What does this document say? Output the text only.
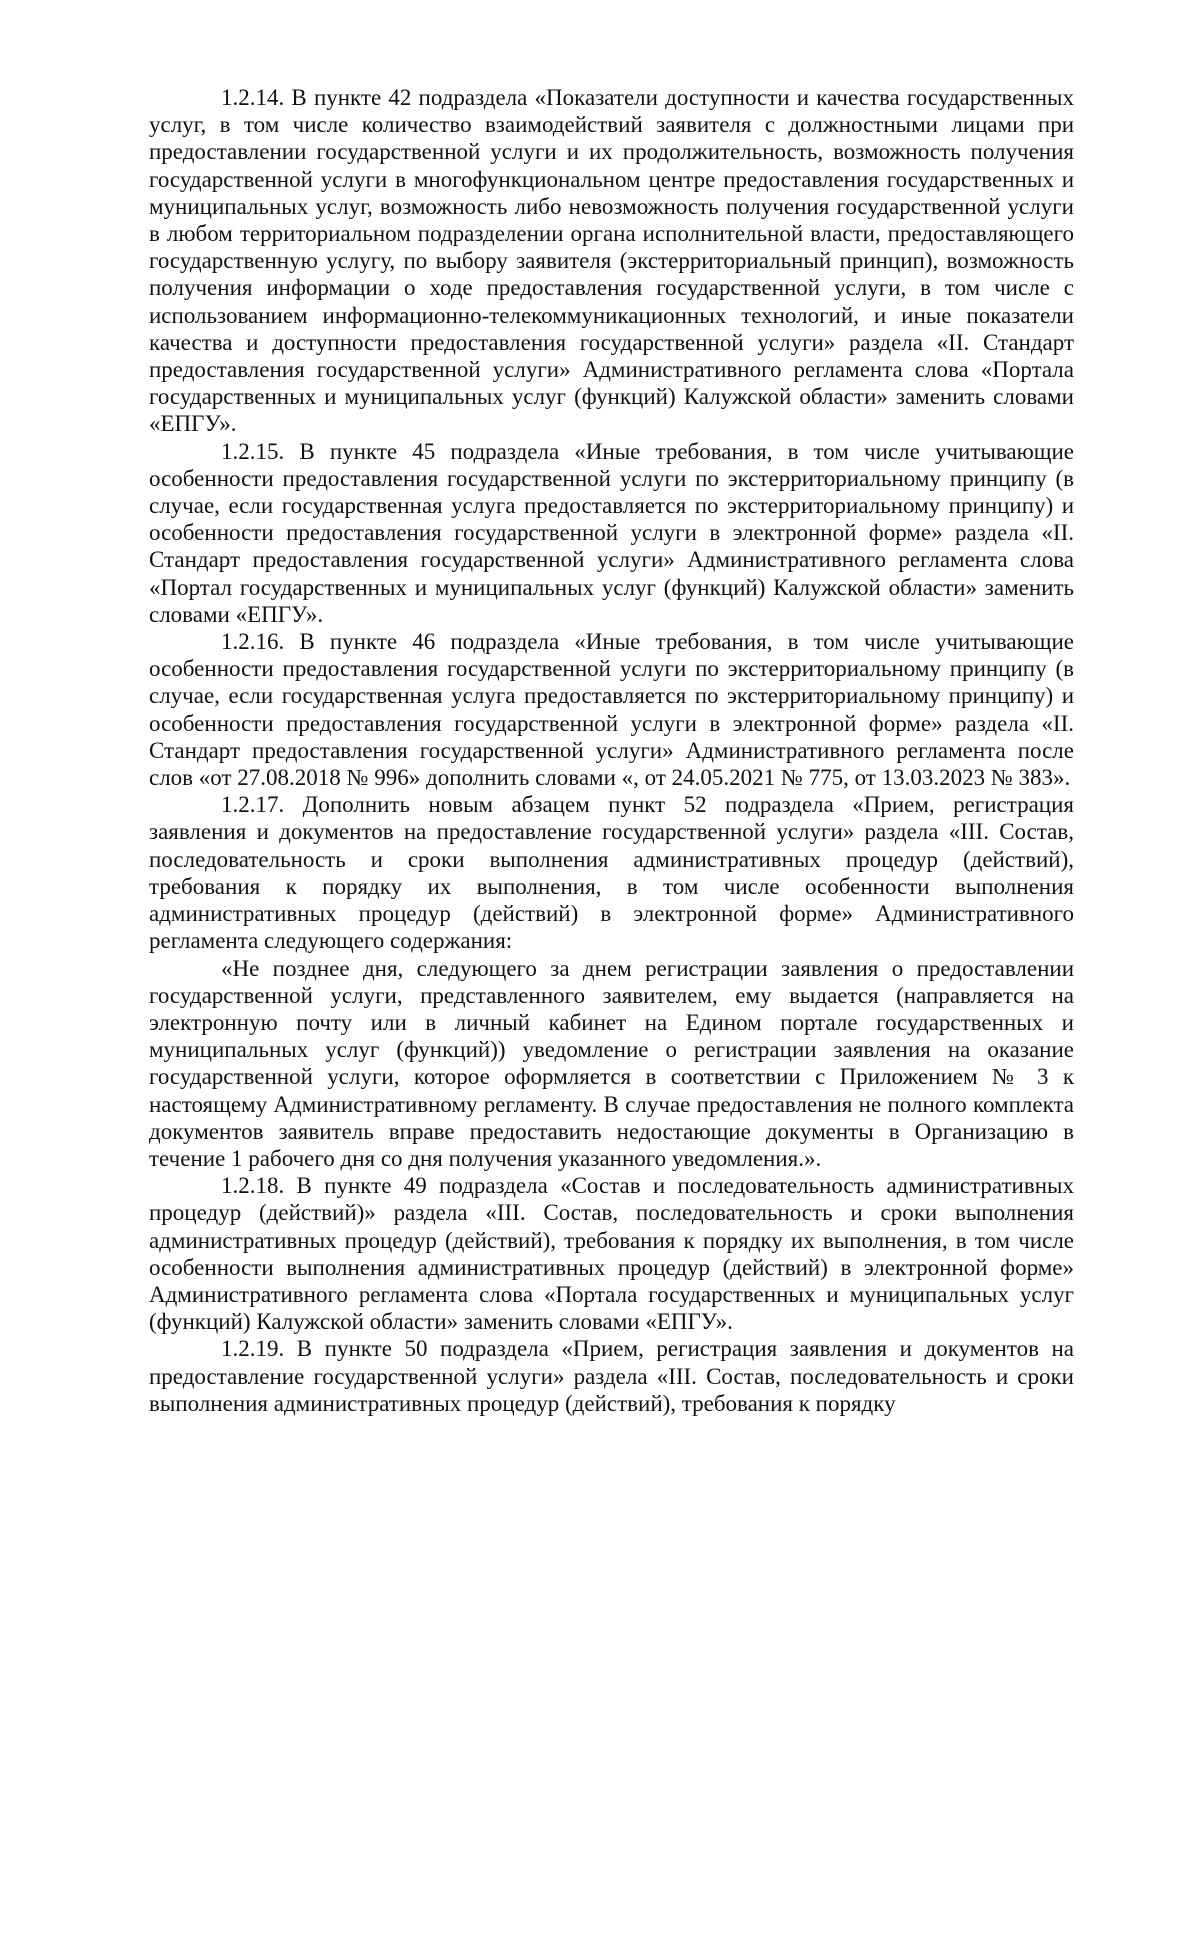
1.2.14. В пункте 42 подраздела «Показатели доступности и качества государственных услуг, в том числе количество взаимодействий заявителя с должностными лицами при предоставлении государственной услуги и их продолжительность, возможность получения государственной услуги в многофункциональном центре предоставления государственных и муниципальных услуг, возможность либо невозможность получения государственной услуги в любом территориальном подразделении органа исполнительной власти, предоставляющего государственную услугу, по выбору заявителя (экстерриториальный принцип), возможность получения информации о ходе предоставления государственной услуги, в том числе с использованием информационно-телекоммуникационных технологий, и иные показатели качества и доступности предоставления государственной услуги» раздела «II. Стандарт предоставления государственной услуги» Административного регламента слова «Портала государственных и муниципальных услуг (функций) Калужской области» заменить словами «ЕПГУ».

1.2.15. В пункте 45 подраздела «Иные требования, в том числе учитывающие особенности предоставления государственной услуги по экстерриториальному принципу (в случае, если государственная услуга предоставляется по экстерриториальному принципу) и особенности предоставления государственной услуги в электронной форме» раздела «II. Стандарт предоставления государственной услуги» Административного регламента слова «Портал государственных и муниципальных услуг (функций) Калужской области» заменить словами «ЕПГУ».

1.2.16. В пункте 46 подраздела «Иные требования, в том числе учитывающие особенности предоставления государственной услуги по экстерриториальному принципу (в случае, если государственная услуга предоставляется по экстерриториальному принципу) и особенности предоставления государственной услуги в электронной форме» раздела «II. Стандарт предоставления государственной услуги» Административного регламента после слов «от 27.08.2018 № 996» дополнить словами «, от 24.05.2021 № 775, от 13.03.2023 № 383».

1.2.17. Дополнить новым абзацем пункт 52 подраздела «Прием, регистрация заявления и документов на предоставление государственной услуги» раздела «III. Состав, последовательность и сроки выполнения административных процедур (действий), требования к порядку их выполнения, в том числе особенности выполнения административных процедур (действий) в электронной форме» Административного регламента следующего содержания:

«Не позднее дня, следующего за днем регистрации заявления о предоставлении государственной услуги, представленного заявителем, ему выдается (направляется на электронную почту или в личный кабинет на Едином портале государственных и муниципальных услуг (функций)) уведомление о регистрации заявления на оказание государственной услуги, которое оформляется в соответствии с Приложением № 3 к настоящему Административному регламенту. В случае предоставления не полного комплекта документов заявитель вправе предоставить недостающие документы в Организацию в течение 1 рабочего дня со дня получения указанного уведомления.».

1.2.18. В пункте 49 подраздела «Состав и последовательность административных процедур (действий)» раздела «III. Состав, последовательность и сроки выполнения административных процедур (действий), требования к порядку их выполнения, в том числе особенности выполнения административных процедур (действий) в электронной форме» Административного регламента слова «Портала государственных и муниципальных услуг (функций) Калужской области» заменить словами «ЕПГУ».

1.2.19. В пункте 50 подраздела «Прием, регистрация заявления и документов на предоставление государственной услуги» раздела «III. Состав, последовательность и сроки выполнения административных процедур (действий), требования к порядку
